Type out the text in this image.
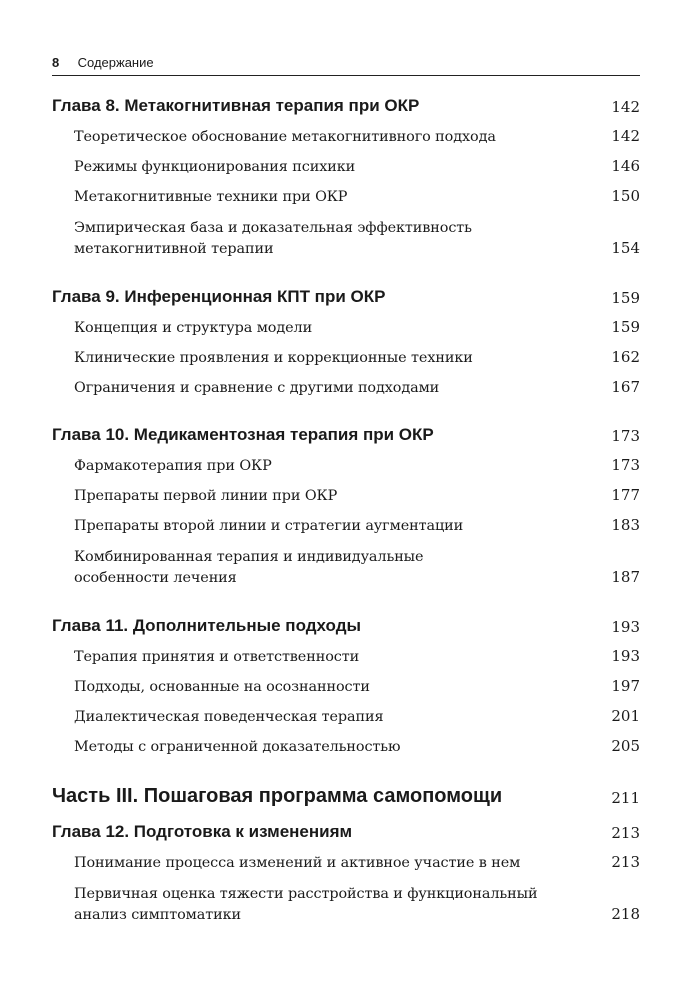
8 Содержание
Глава 8. Метакогнитивная терапия при ОКР	142
Теоретическое обоснование метакогнитивного подхода	142
Режимы функционирования психики	146
Метакогнитивные техники при ОКР	150
Эмпирическая база и доказательная эффективность
метакогнитивной терапии	154
Глава 9. Инференционная КПТ при ОКР	159
Концепция и структура модели	159
Клинические проявления и коррекционные техники	162
Ограничения и сравнение с другими подходами	167
Глава 10. Медикаментозная терапия при ОКР	173
Фармакотерапия при ОКР	173
Препараты первой линии при ОКР	177
Препараты второй линии и стратегии аугментации	183
Комбинированная терапия и индивидуальные
особенности лечения	187
Глава 11. Дополнительные подходы	193
Терапия принятия и ответственности	193
Подходы, основанные на осознанности	197
Диалектическая поведенческая терапия	201
Методы с ограниченной доказательностью	205
Часть III. Пошаговая программа самопомощи	211
Глава 12. Подготовка к изменениям	213
Понимание процесса изменений и активное участие в нем	213
Первичная оценка тяжести расстройства и функциональный
анализ симптоматики	218
